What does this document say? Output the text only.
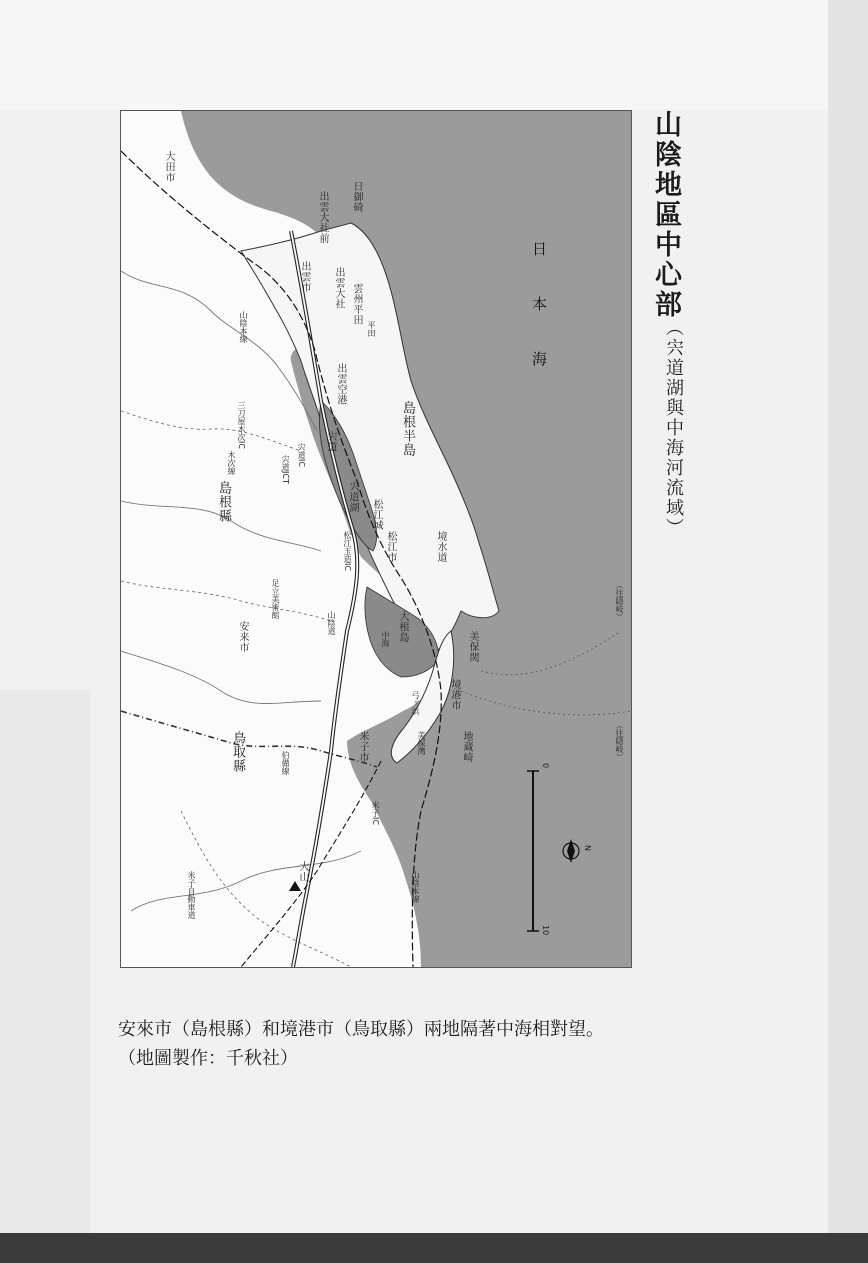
日本海
大田市
日御碕
出雲大社前
出雲大社
出雲市
雲州平田
平田
出雲空港
山陰本線
三刀屋木次IC
木次線	宍道IC
宍道JCT
宍道	島根半島
宍道湖
松江城
松江市
松江玉造IC
島根縣
足立美術館
境水道
美保関
境港市
大根島
中海
山陰道
安来市
弓ヶ浜
米子市	地蔵崎
美保灣
鳥取縣	伯備線
米子IC
大山
米子自動車道	山陰本線
（往隠岐）
（往隠岐）
0
10
N
山陰地區中心部
（宍道湖與中海河流域）
安來市（島根縣）和境港市（鳥取縣）兩地隔著中海相對望。
（地圖製作：千秋社）
